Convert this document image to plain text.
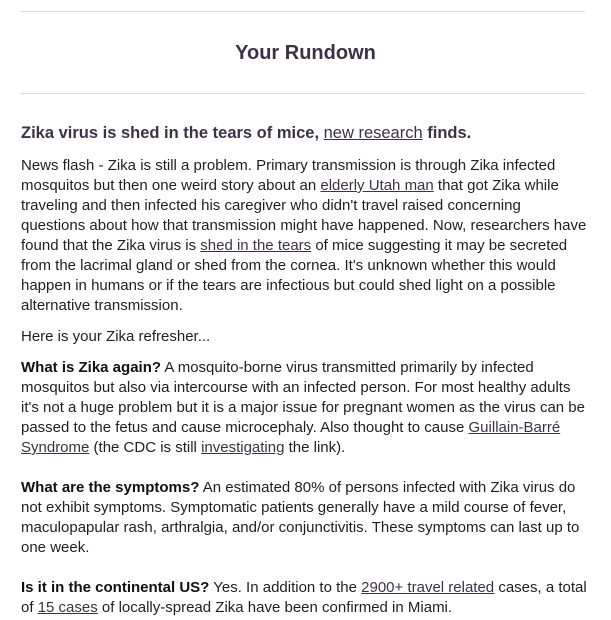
Your Rundown
Zika virus is shed in the tears of mice, new research finds.

News flash - Zika is still a problem. Primary transmission is through Zika infected mosquitos but then one weird story about an elderly Utah man that got Zika while traveling and then infected his caregiver who didn't travel raised concerning questions about how that transmission might have happened. Now, researchers have found that the Zika virus is shed in the tears of mice suggesting it may be secreted from the lacrimal gland or shed from the cornea. It's unknown whether this would happen in humans or if the tears are infectious but could shed light on a possible alternative transmission.

Here is your Zika refresher...

What is Zika again? A mosquito-borne virus transmitted primarily by infected mosquitos but also via intercourse with an infected person. For most healthy adults it's not a huge problem but it is a major issue for pregnant women as the virus can be passed to the fetus and cause microcephaly. Also thought to cause Guillain-Barré Syndrome (the CDC is still investigating the link).

What are the symptoms? An estimated 80% of persons infected with Zika virus do not exhibit symptoms. Symptomatic patients generally have a mild course of fever, maculopapular rash, arthralgia, and/or conjunctivitis. These symptoms can last up to one week.

Is it in the continental US? Yes. In addition to the 2900+ travel related cases, a total of 15 cases of locally-spread Zika have been confirmed in Miami.
